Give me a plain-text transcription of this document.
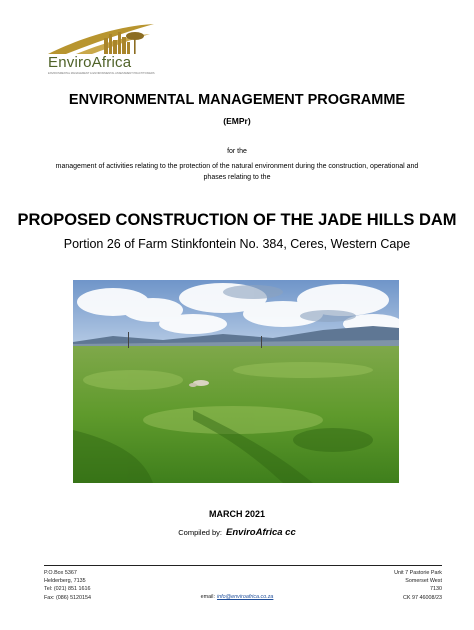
EnviroAfrica
ENVIRONMENTAL MANAGEMENT & ENVIRONMENTAL ASSESSMENT PRACTITIONERS
ENVIRONMENTAL MANAGEMENT PROGRAMME
(EMPr)
for the
management of activities relating to the protection of the natural environment during the construction, operational and phases relating to the
PROPOSED CONSTRUCTION OF THE JADE HILLS DAM
Portion 26 of Farm Stinkfontein No. 384, Ceres, Western Cape
MARCH 2021
Compiled by: EnviroAfrica cc
P.O.Box 5367
Helderberg, 7135
Tel: (021) 851 1616
Fax: (086) 5120154	email: info@enviroafrica.co.za
Unit 7 Pastorie Park
Somerset West
7130
CK 97 46008/23
